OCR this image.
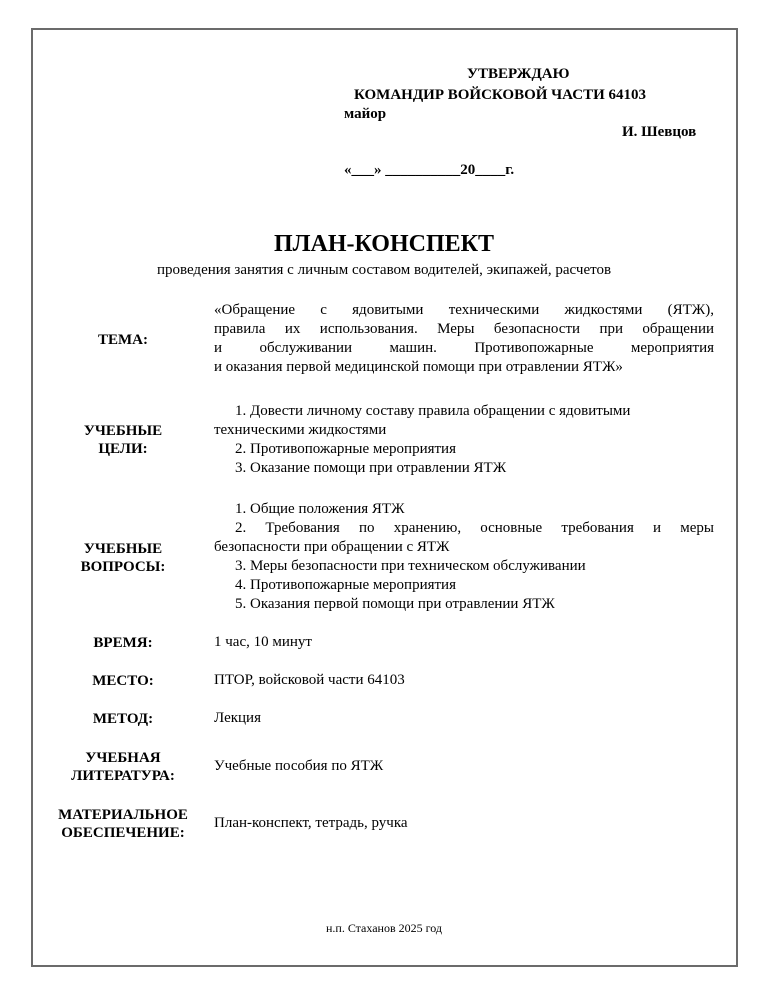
УТВЕРЖДАЮ
КОМАНДИР ВОЙСКОВОЙ ЧАСТИ 64103
майор
И. Шевцов
«___» __________20____г.
ПЛАН-КОНСПЕКТ
проведения занятия с личным составом водителей, экипажей, расчетов
ТЕМА:

«Обращение с ядовитыми техническими жидкостями (ЯТЖ),

правила их использования. Меры безопасности при обращении

и обслуживании машин. Противопожарные мероприятия

и оказания первой медицинской помощи при отравлении ЯТЖ»

УЧЕБНЫЕ
ЦЕЛИ:
1. Довести личному составу правила обращении с ядовитыми
техническими жидкостями
2. Противопожарные мероприятия
3. Оказание помощи при отравлении ЯТЖ
УЧЕБНЫЕ
ВОПРОСЫ:
1. Общие положения ЯТЖ
2. Требования по хранению, основные требования и меры
безопасности при обращении с ЯТЖ
3. Меры безопасности при техническом обслуживании
4. Противопожарные мероприятия
5. Оказания первой помощи при отравлении ЯТЖ
ВРЕМЯ:	1 час, 10 минут
МЕСТО:	ПТОР, войсковой части 64103
МЕТОД:	Лекция
УЧЕБНАЯ
ЛИТЕРАТУРА:
Учебные пособия по ЯТЖ
МАТЕРИАЛЬНОЕ
ОБЕСПЕЧЕНИЕ:
План-конспект, тетрадь, ручка
н.п. Стаханов 2025 год
